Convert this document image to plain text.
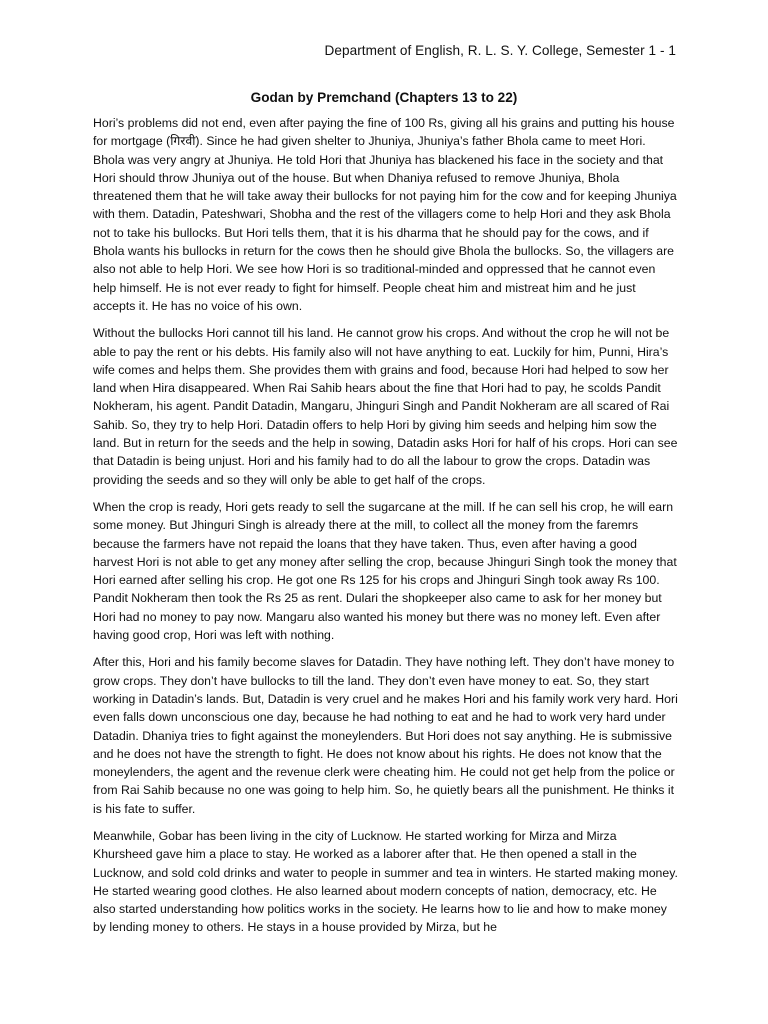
Department of English, R. L. S. Y. College, Semester 1 - 1
Godan by Premchand (Chapters 13 to 22)

Hori’s problems did not end, even after paying the fine of 100 Rs, giving all his grains and putting his house for mortgage (गिरवी). Since he had given shelter to Jhuniya, Jhuniya’s father Bhola came to meet Hori. Bhola was very angry at Jhuniya. He told Hori that Jhuniya has blackened his face in the society and that Hori should throw Jhuniya out of the house. But when Dhaniya refused to remove Jhuniya, Bhola threatened them that he will take away their bullocks for not paying him for the cow and for keeping Jhuniya with them. Datadin, Pateshwari, Shobha and the rest of the villagers come to help Hori and they ask Bhola not to take his bullocks. But Hori tells them, that it is his dharma that he should pay for the cows, and if Bhola wants his bullocks in return for the cows then he should give Bhola the bullocks. So, the villagers are also not able to help Hori. We see how Hori is so traditional-minded and oppressed that he cannot even help himself. He is not ever ready to fight for himself. People cheat him and mistreat him and he just accepts it. He has no voice of his own.

Without the bullocks Hori cannot till his land. He cannot grow his crops. And without the crop he will not be able to pay the rent or his debts. His family also will not have anything to eat. Luckily for him, Punni, Hira’s wife comes and helps them. She provides them with grains and food, because Hori had helped to sow her land when Hira disappeared. When Rai Sahib hears about the fine that Hori had to pay, he scolds Pandit Nokheram, his agent. Pandit Datadin, Mangaru, Jhinguri Singh and Pandit Nokheram are all scared of Rai Sahib. So, they try to help Hori. Datadin offers to help Hori by giving him seeds and helping him sow the land. But in return for the seeds and the help in sowing, Datadin asks Hori for half of his crops. Hori can see that Datadin is being unjust. Hori and his family had to do all the labour to grow the crops. Datadin was providing the seeds and so they will only be able to get half of the crops.

When the crop is ready, Hori gets ready to sell the sugarcane at the mill. If he can sell his crop, he will earn some money. But Jhinguri Singh is already there at the mill, to collect all the money from the faremrs because the farmers have not repaid the loans that they have taken. Thus, even after having a good harvest Hori is not able to get any money after selling the crop, because Jhinguri Singh took the money that Hori earned after selling his crop. He got one Rs 125 for his crops and Jhinguri Singh took away Rs 100. Pandit Nokheram then took the Rs 25 as rent. Dulari the shopkeeper also came to ask for her money but Hori had no money to pay now. Mangaru also wanted his money but there was no money left. Even after having good crop, Hori was left with nothing.

After this, Hori and his family become slaves for Datadin. They have nothing left. They don’t have money to grow crops. They don’t have bullocks to till the land. They don’t even have money to eat. So, they start working in Datadin’s lands. But, Datadin is very cruel and he makes Hori and his family work very hard. Hori even falls down unconscious one day, because he had nothing to eat and he had to work very hard under Datadin. Dhaniya tries to fight against the moneylenders. But Hori does not say anything. He is submissive and he does not have the strength to fight. He does not know about his rights. He does not know that the moneylenders, the agent and the revenue clerk were cheating him. He could not get help from the police or from Rai Sahib because no one was going to help him. So, he quietly bears all the punishment. He thinks it is his fate to suffer.

Meanwhile, Gobar has been living in the city of Lucknow. He started working for Mirza and Mirza Khursheed gave him a place to stay. He worked as a laborer after that. He then opened a stall in the Lucknow, and sold cold drinks and water to people in summer and tea in winters. He started making money. He started wearing good clothes. He also learned about modern concepts of nation, democracy, etc. He also started understanding how politics works in the society. He learns how to lie and how to make money by lending money to others. He stays in a house provided by Mirza, but he
